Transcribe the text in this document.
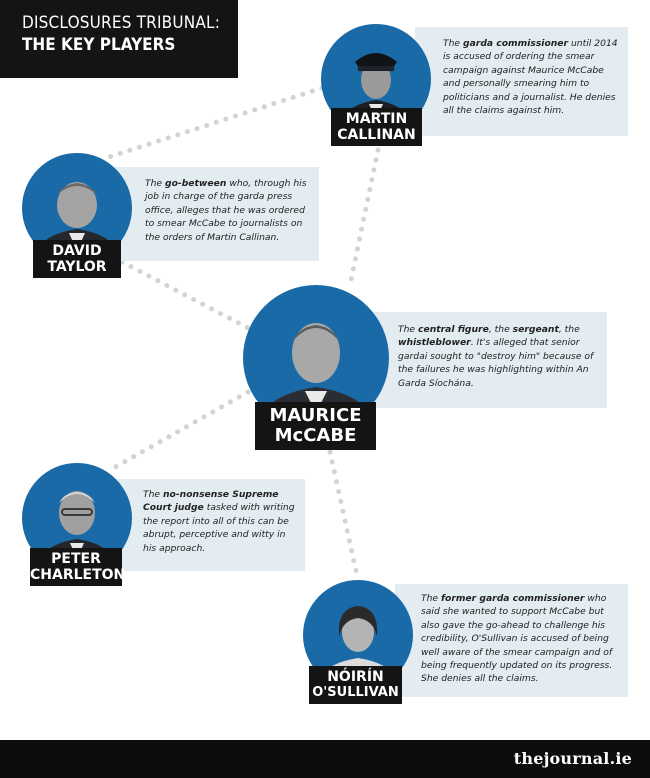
DISCLOSURES TRIBUNAL:
THE KEY PLAYERS	The garda commissioner until 2014 is accused of ordering the smear campaign against Maurice McCabe and personally smearing him to politicians and a journalist. He denies all the claims against him.
MARTIN
CALLINAN
The go-between who, through his job in charge of the garda press office, alleges that he was ordered to smear McCabe to journalists on the orders of Martin Callinan.
DAVID
TAYLOR
The central figure, the sergeant, the whistleblower. It's alleged that senior gardai sought to "destroy him" because of the failures he was highlighting within An Garda Síochána.
MAURICE
McCABE
The no-nonsense Supreme Court judge tasked with writing the report into all of this can be abrupt, perceptive and witty in his approach.
PETER
CHARLETON
The former garda commissioner who said she wanted to support McCabe but also gave the go-ahead to challenge his credibility, O'Sullivan is accused of being well aware of the smear campaign and of being frequently updated on its progress. She denies all the claims.
NÓIRÍN
O'SULLIVAN
thejournal.ie
